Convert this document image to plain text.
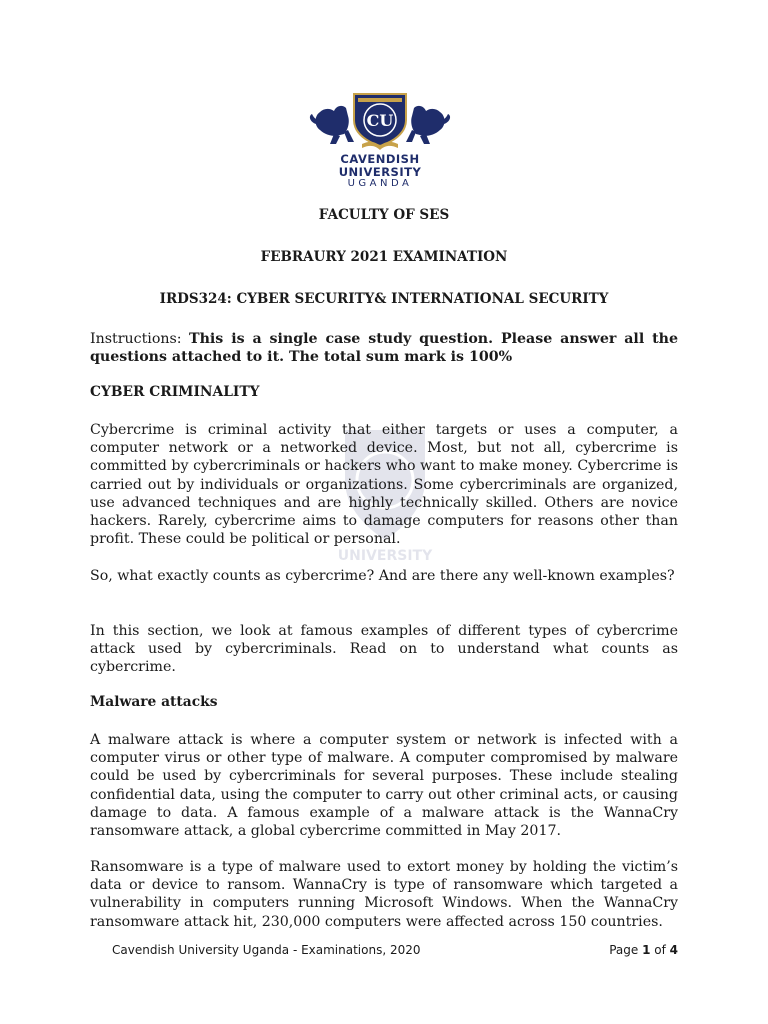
CU
CAVENDISH
UNIVERSITY
UGANDA
UNIVERSITY
FACULTY OF SES
FEBRAURY 2021 EXAMINATION
IRDS324: CYBER SECURITY& INTERNATIONAL SECURITY
Instructions: This is a single case study question. Please answer all the questions attached to it. The total sum mark is 100%
CYBER CRIMINALITY
Cybercrime is criminal activity that either targets or uses a computer, a computer network or a networked device. Most, but not all, cybercrime is committed by cybercriminals or hackers who want to make money. Cybercrime is carried out by individuals or organizations. Some cybercriminals are organized, use advanced techniques and are highly technically skilled. Others are novice hackers. Rarely, cybercrime aims to damage computers for reasons other than profit. These could be political or personal.
So, what exactly counts as cybercrime? And are there any well-known examples?
In this section, we look at famous examples of different types of cybercrime attack used by cybercriminals. Read on to understand what counts as cybercrime.
Malware attacks
A malware attack is where a computer system or network is infected with a computer virus or other type of malware. A computer compromised by malware could be used by cybercriminals for several purposes. These include stealing confidential data, using the computer to carry out other criminal acts, or causing damage to data. A famous example of a malware attack is the WannaCry ransomware attack, a global cybercrime committed in May 2017.
Ransomware is a type of malware used to extort money by holding the victim’s data or device to ransom. WannaCry is type of ransomware which targeted a vulnerability in computers running Microsoft Windows. When the WannaCry ransomware attack hit, 230,000 computers were affected across 150 countries.
Cavendish University Uganda - Examinations, 2020	Page 1 of 4
